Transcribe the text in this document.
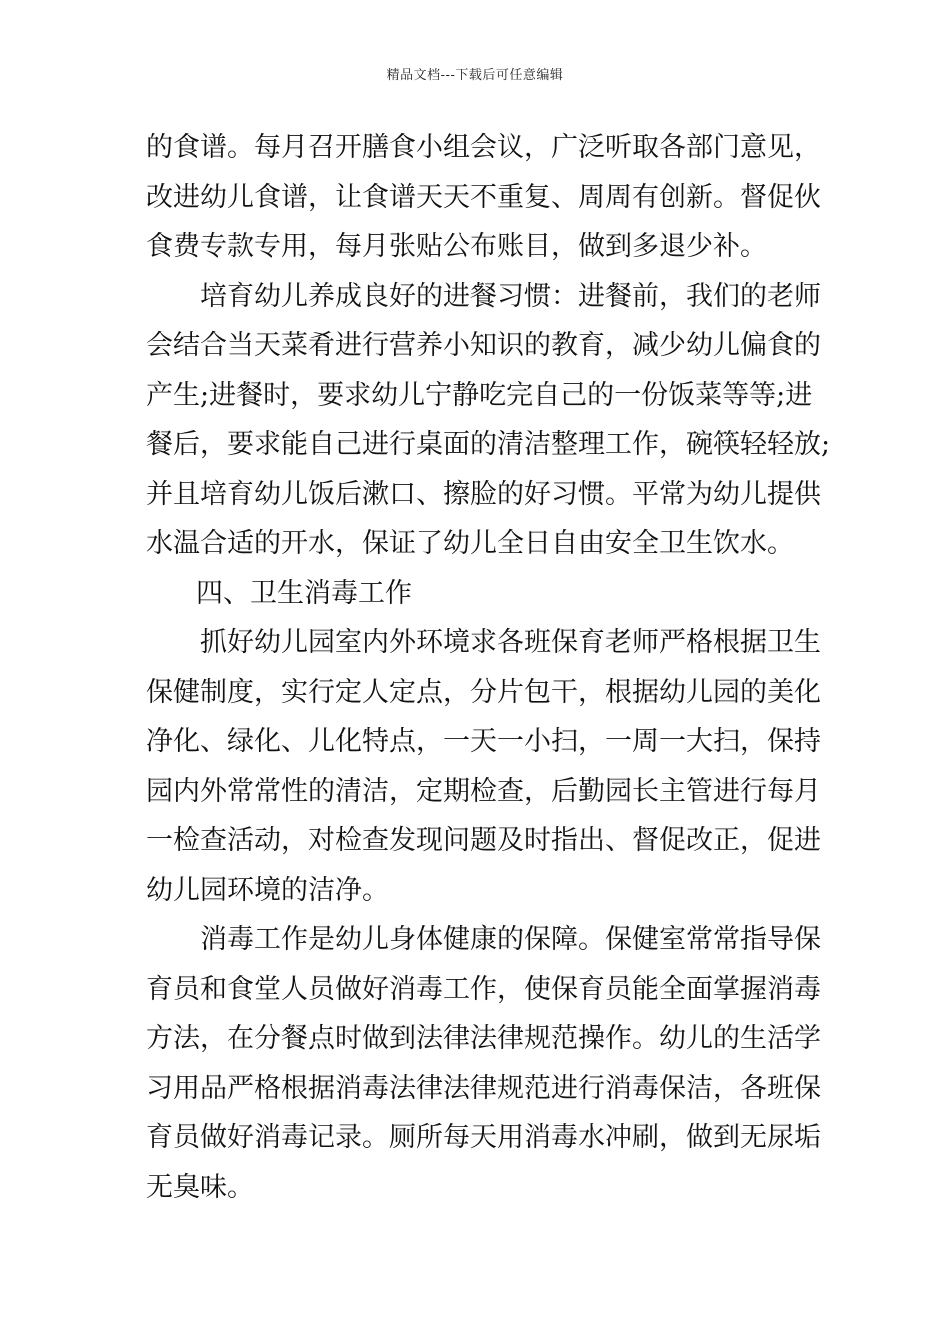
精品文档---下载后可任意编辑
的食谱。每月召开膳食小组会议，广泛听取各部门意见，
改进幼儿食谱，让食谱天天不重复、周周有创新。督促伙
食费专款专用，每月张贴公布账目，做到多退少补。
培育幼儿养成良好的进餐习惯：进餐前，我们的老师
会结合当天菜肴进行营养小知识的教育，减少幼儿偏食的
产生;进餐时，要求幼儿宁静吃完自己的一份饭菜等等;进
餐后，要求能自己进行桌面的清洁整理工作，碗筷轻轻放;
并且培育幼儿饭后漱口、擦脸的好习惯。平常为幼儿提供
水温合适的开水，保证了幼儿全日自由安全卫生饮水。
四、卫生消毒工作
抓好幼儿园室内外环境求各班保育老师严格根据卫生
保健制度，实行定人定点，分片包干，根据幼儿园的美化
净化、绿化、儿化特点，一天一小扫，一周一大扫，保持
园内外常常性的清洁，定期检查，后勤园长主管进行每月
一检查活动，对检查发现问题及时指出、督促改正，促进
幼儿园环境的洁净。
消毒工作是幼儿身体健康的保障。保健室常常指导保
育员和食堂人员做好消毒工作，使保育员能全面掌握消毒
方法，在分餐点时做到法律法律规范操作。幼儿的生活学
习用品严格根据消毒法律法律规范进行消毒保洁，各班保
育员做好消毒记录。厕所每天用消毒水冲刷，做到无尿垢
无臭味。
